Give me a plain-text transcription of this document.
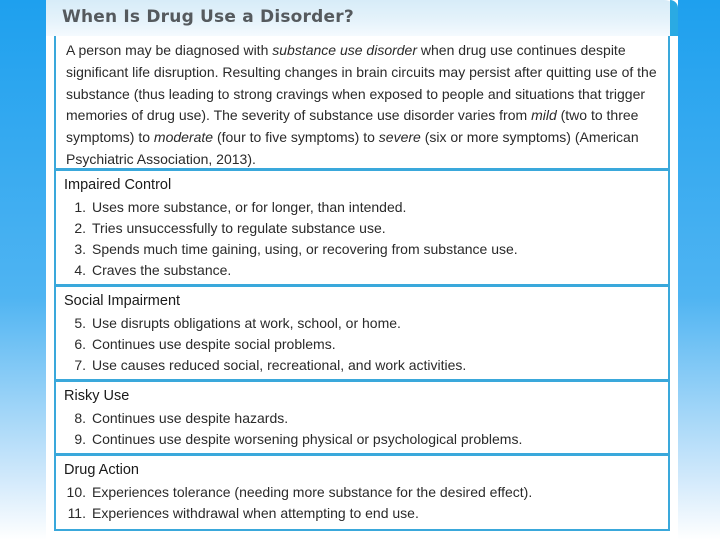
When Is Drug Use a Disorder?

A person may be diagnosed with substance use disorder when drug use continues despite significant life disruption. Resulting changes in brain circuits may persist after quitting use of the substance (thus leading to strong cravings when exposed to people and situations that trigger memories of drug use). The severity of substance use disorder varies from mild (two to three symptoms) to moderate (four to five symptoms) to severe (six or more symptoms) (American Psychiatric Association, 2013).

Impaired Control
1. Uses more substance, or for longer, than intended.
2. Tries unsuccessfully to regulate substance use.
3. Spends much time gaining, using, or recovering from substance use.
4. Craves the substance.
Social Impairment
5. Use disrupts obligations at work, school, or home.
6. Continues use despite social problems.
7. Use causes reduced social, recreational, and work activities.
Risky Use
8. Continues use despite hazards.
9. Continues use despite worsening physical or psychological problems.
Drug Action
10. Experiences tolerance (needing more substance for the desired effect).
11. Experiences withdrawal when attempting to end use.
